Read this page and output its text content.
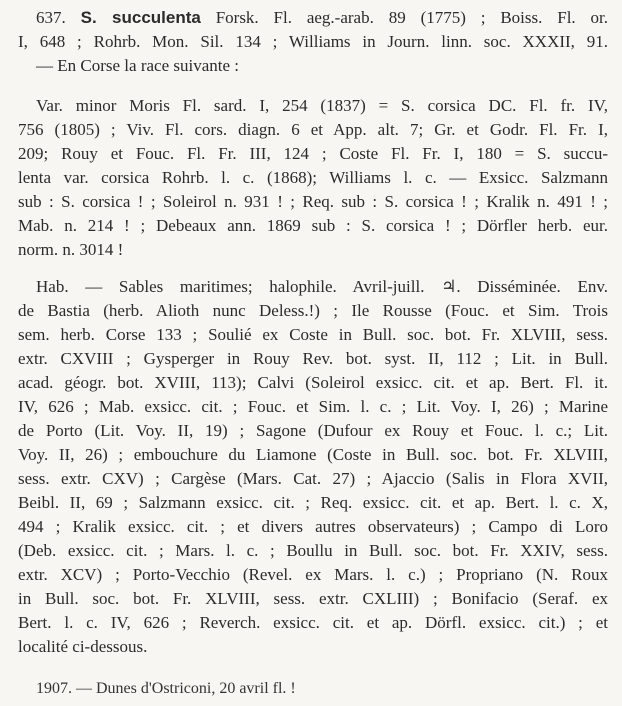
637. S. succulenta Forsk. Fl. aeg.-arab. 89 (1775) ; Boiss. Fl. or.
I, 648 ; Rohrb. Mon. Sil. 134 ; Williams in Journ. linn. soc. XXXII, 91.
— En Corse la race suivante :
Var. minor Moris Fl. sard. I, 254 (1837) = S. corsica DC. Fl. fr. IV,
756 (1805) ; Viv. Fl. cors. diagn. 6 et App. alt. 7; Gr. et Godr. Fl. Fr. I,
209; Rouy et Fouc. Fl. Fr. III, 124 ; Coste Fl. Fr. I, 180 = S. succu-
lenta var. corsica Rohrb. l. c. (1868); Williams l. c. — Exsicc. Salzmann
sub : S. corsica ! ; Soleirol n. 931 ! ; Req. sub : S. corsica ! ; Kralik n. 491 ! ;
Mab. n. 214 ! ; Debeaux ann. 1869 sub : S. corsica ! ; Dörfler herb. eur.
norm. n. 3014 !
Hab. — Sables maritimes; halophile. Avril-juill. ♃. Disséminée. Env.
de Bastia (herb. Alioth nunc Deless.!) ; Ile Rousse (Fouc. et Sim. Trois
sem. herb. Corse 133 ; Soulié ex Coste in Bull. soc. bot. Fr. XLVIII, sess.
extr. CXVIII ; Gysperger in Rouy Rev. bot. syst. II, 112 ; Lit. in Bull.
acad. géogr. bot. XVIII, 113); Calvi (Soleirol exsicc. cit. et ap. Bert. Fl. it.
IV, 626 ; Mab. exsicc. cit. ; Fouc. et Sim. l. c. ; Lit. Voy. I, 26) ; Marine
de Porto (Lit. Voy. II, 19) ; Sagone (Dufour ex Rouy et Fouc. l. c.; Lit.
Voy. II, 26) ; embouchure du Liamone (Coste in Bull. soc. bot. Fr. XLVIII,
sess. extr. CXV) ; Cargèse (Mars. Cat. 27) ; Ajaccio (Salis in Flora XVII,
Beibl. II, 69 ; Salzmann exsicc. cit. ; Req. exsicc. cit. et ap. Bert. l. c. X,
494 ; Kralik exsicc. cit. ; et divers autres observateurs) ; Campo di Loro
(Deb. exsicc. cit. ; Mars. l. c. ; Boullu in Bull. soc. bot. Fr. XXIV, sess.
extr. XCV) ; Porto-Vecchio (Revel. ex Mars. l. c.) ; Propriano (N. Roux
in Bull. soc. bot. Fr. XLVIII, sess. extr. CXLIII) ; Bonifacio (Seraf. ex
Bert. l. c. IV, 626 ; Reverch. exsicc. cit. et ap. Dörfl. exsicc. cit.) ; et
localité ci-dessous.
1907. — Dunes d'Ostriconi, 20 avril fl. !
